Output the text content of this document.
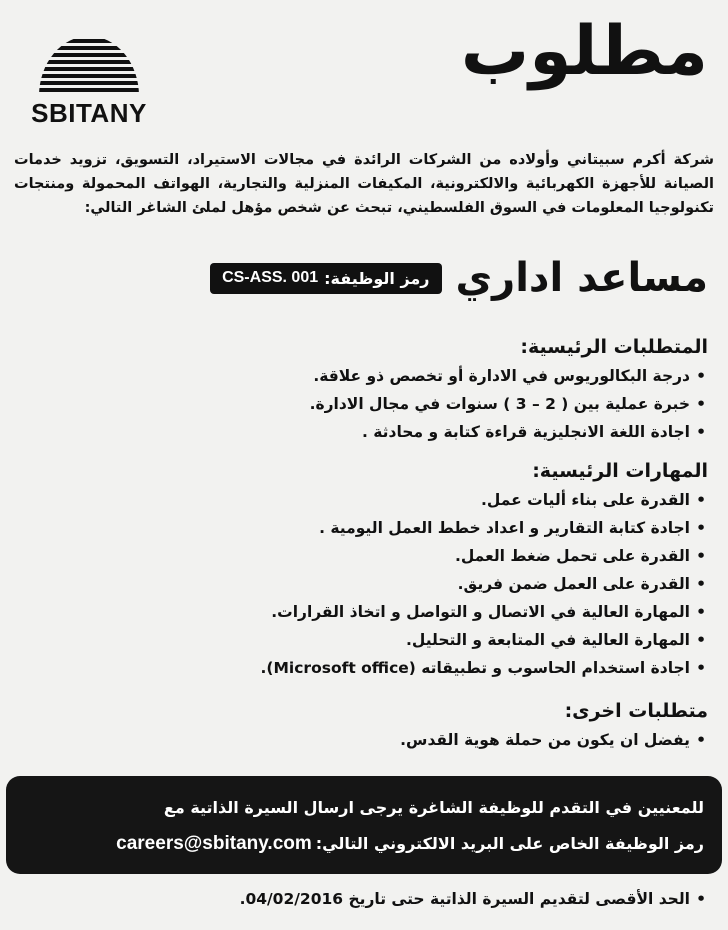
SBITANY
مطلوب
شركة أكرم سبيتاني وأولاده من الشركات الرائدة في مجالات الاستيراد، التسويق، تزويد خدمات الصيانة للأجهزة الكهربائية والالكترونية، المكيفات المنزلية والتجارية، الهواتف المحمولة ومنتجات تكنولوجيا المعلومات في السوق الفلسطيني، تبحث عن شخص مؤهل لملئ الشاغر التالي:
مساعد اداري
رمز الوظيفة:
CS-ASS. 001
المتطلبات الرئيسية:
• درجة البكالوريوس في الادارة أو تخصص ذو علاقة.
• خبرة عملية بين ( 2 – 3 ) سنوات في مجال الادارة.
• اجادة اللغة الانجليزية قراءة كتابة و محادثة .
المهارات الرئيسية:
• القدرة على بناء أليات عمل.
• اجادة كتابة التقارير و اعداد خطط العمل اليومية .
• القدرة على تحمل ضغط العمل.
• القدرة على العمل ضمن فريق.
• المهارة العالية في الاتصال و التواصل و اتخاذ القرارات.
• المهارة العالية في المتابعة و التحليل.
• اجادة استخدام الحاسوب و تطبيقاته (Microsoft office).
متطلبات اخرى:
• يفضل ان يكون من حملة هوية القدس.

للمعنيين في التقدم للوظيفة الشاغرة يرجى ارسال السيرة الذاتية مع

رمز الوظيفة الخاص على البريد الالكتروني التالي:
careers@sbitany.com

• الحد الأقصى لتقديم السيرة الذاتية حتى تاريخ 04/02/2016.
